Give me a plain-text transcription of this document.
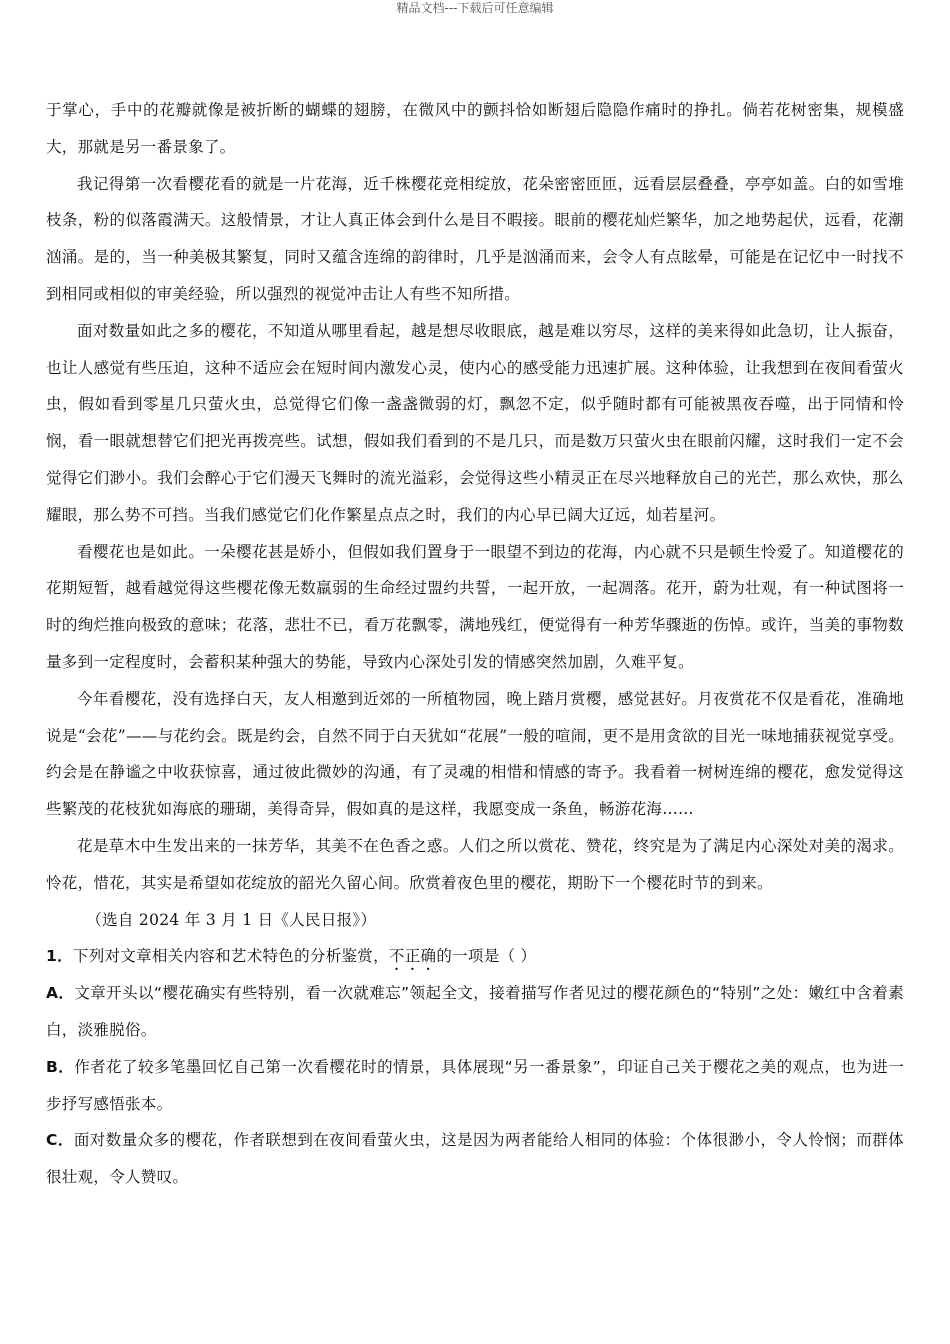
精品文档---下载后可任意编辑

于掌心，手中的花瓣就像是被折断的蝴蝶的翅膀，在微风中的颤抖恰如断翅后隐隐作痛时的挣扎。倘若花树密集，规模盛大，那就是另一番景象了。

我记得第一次看樱花看的就是一片花海，近千株樱花竞相绽放，花朵密密匝匝，远看层层叠叠，亭亭如盖。白的如雪堆枝条，粉的似落霞满天。这般情景，才让人真正体会到什么是目不暇接。眼前的樱花灿烂繁华，加之地势起伏，远看，花潮汹涌。是的，当一种美极其繁复，同时又蕴含连绵的韵律时，几乎是汹涌而来，会令人有点眩晕，可能是在记忆中一时找不到相同或相似的审美经验，所以强烈的视觉冲击让人有些不知所措。

面对数量如此之多的樱花，不知道从哪里看起，越是想尽收眼底，越是难以穷尽，这样的美来得如此急切，让人振奋，也让人感觉有些压迫，这种不适应会在短时间内激发心灵，使内心的感受能力迅速扩展。这种体验，让我想到在夜间看萤火虫，假如看到零星几只萤火虫，总觉得它们像一盏盏微弱的灯，飘忽不定，似乎随时都有可能被黑夜吞噬，出于同情和怜悯，看一眼就想替它们把光再拨亮些。试想，假如我们看到的不是几只，而是数万只萤火虫在眼前闪耀，这时我们一定不会觉得它们渺小。我们会醉心于它们漫天飞舞时的流光溢彩，会觉得这些小精灵正在尽兴地释放自己的光芒，那么欢快，那么耀眼，那么势不可挡。当我们感觉它们化作繁星点点之时，我们的内心早已阔大辽远，灿若星河。

看樱花也是如此。一朵樱花甚是娇小，但假如我们置身于一眼望不到边的花海，内心就不只是顿生怜爱了。知道樱花的花期短暂，越看越觉得这些樱花像无数羸弱的生命经过盟约共誓，一起开放，一起凋落。花开，蔚为壮观，有一种试图将一时的绚烂推向极致的意味；花落，悲壮不已，看万花飘零，满地残红，便觉得有一种芳华骤逝的伤悼。或许，当美的事物数量多到一定程度时，会蓄积某种强大的势能，导致内心深处引发的情感突然加剧，久难平复。

今年看樱花，没有选择白天，友人相邀到近郊的一所植物园，晚上踏月赏樱，感觉甚好。月夜赏花不仅是看花，准确地说是“会花”——与花约会。既是约会，自然不同于白天犹如“花展”一般的喧闹，更不是用贪欲的目光一味地捕获视觉享受。约会是在静谧之中收获惊喜，通过彼此微妙的沟通，有了灵魂的相惜和情感的寄予。我看着一树树连绵的樱花，愈发觉得这些繁茂的花枝犹如海底的珊瑚，美得奇异，假如真的是这样，我愿变成一条鱼，畅游花海……

花是草木中生发出来的一抹芳华，其美不在色香之惑。人们之所以赏花、赞花，终究是为了满足内心深处对美的渴求。怜花，惜花，其实是希望如花绽放的韶光久留心间。欣赏着夜色里的樱花，期盼下一个樱花时节的到来。

（选自 2024 年 3 月 1 日《人民日报》）

1．下列对文章相关内容和艺术特色的分析鉴赏，不正确的一项是（ ）

A．文章开头以“樱花确实有些特别，看一次就难忘”领起全文，接着描写作者见过的樱花颜色的“特别”之处：嫩红中含着素白，淡雅脱俗。

B．作者花了较多笔墨回忆自己第一次看樱花时的情景，具体展现“另一番景象”，印证自己关于樱花之美的观点，也为进一步抒写感悟张本。

C．面对数量众多的樱花，作者联想到在夜间看萤火虫，这是因为两者能给人相同的体验：个体很渺小，令人怜悯；而群体很壮观，令人赞叹。
